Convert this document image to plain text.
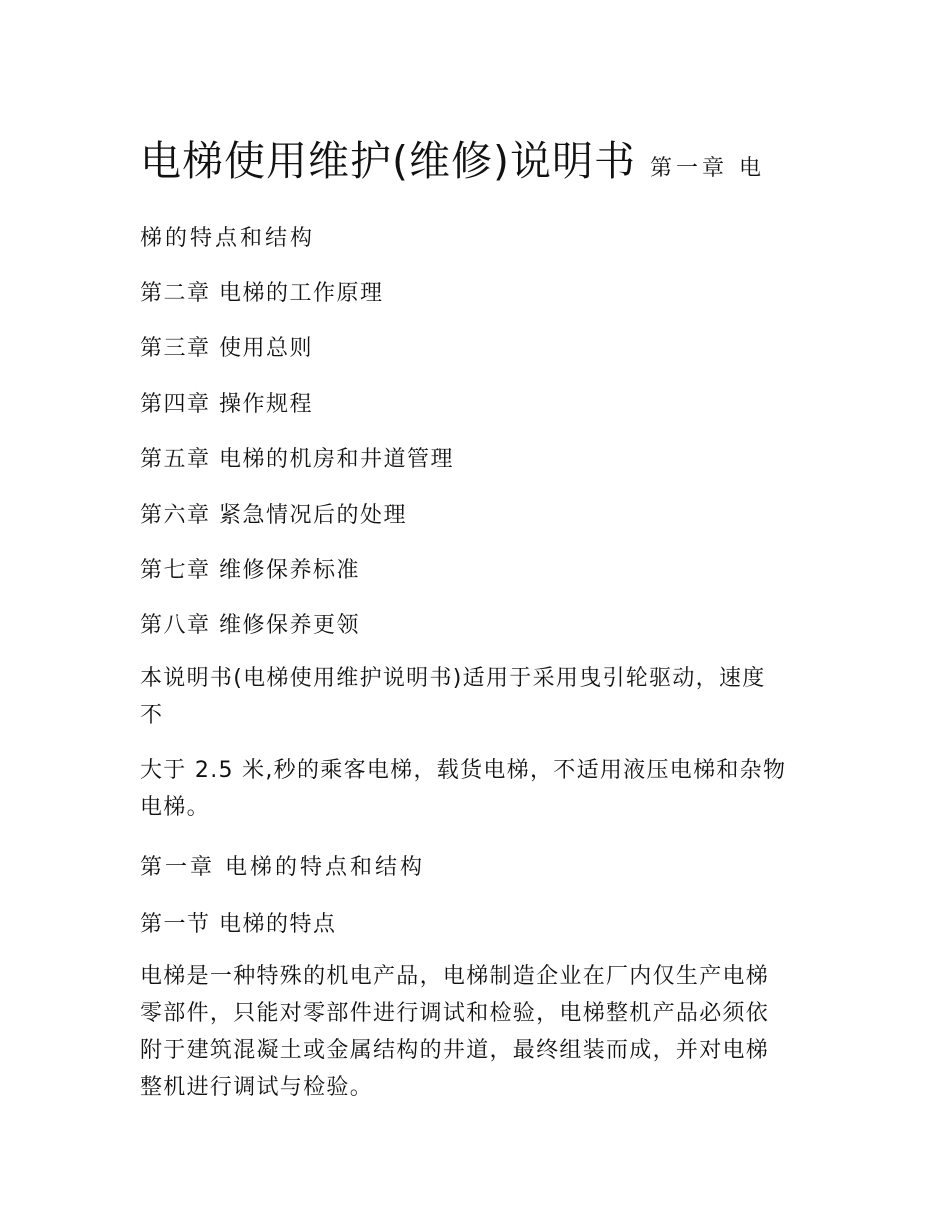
电梯使用维护(维修)说明书 第一章 电
梯的特点和结构
第二章 电梯的工作原理
第三章 使用总则
第四章 操作规程
第五章 电梯的机房和井道管理
第六章 紧急情况后的处理
第七章 维修保养标准
第八章 维修保养更领
本说明书(电梯使用维护说明书)适用于采用曳引轮驱动，速度
不
大于 2.5 米,秒的乘客电梯，载货电梯，不适用液压电梯和杂物
电梯。
第一章 电梯的特点和结构
第一节 电梯的特点
电梯是一种特殊的机电产品，电梯制造企业在厂内仅生产电梯
零部件，只能对零部件进行调试和检验，电梯整机产品必须依
附于建筑混凝土或金属结构的井道，最终组装而成，并对电梯
整机进行调试与检验。
